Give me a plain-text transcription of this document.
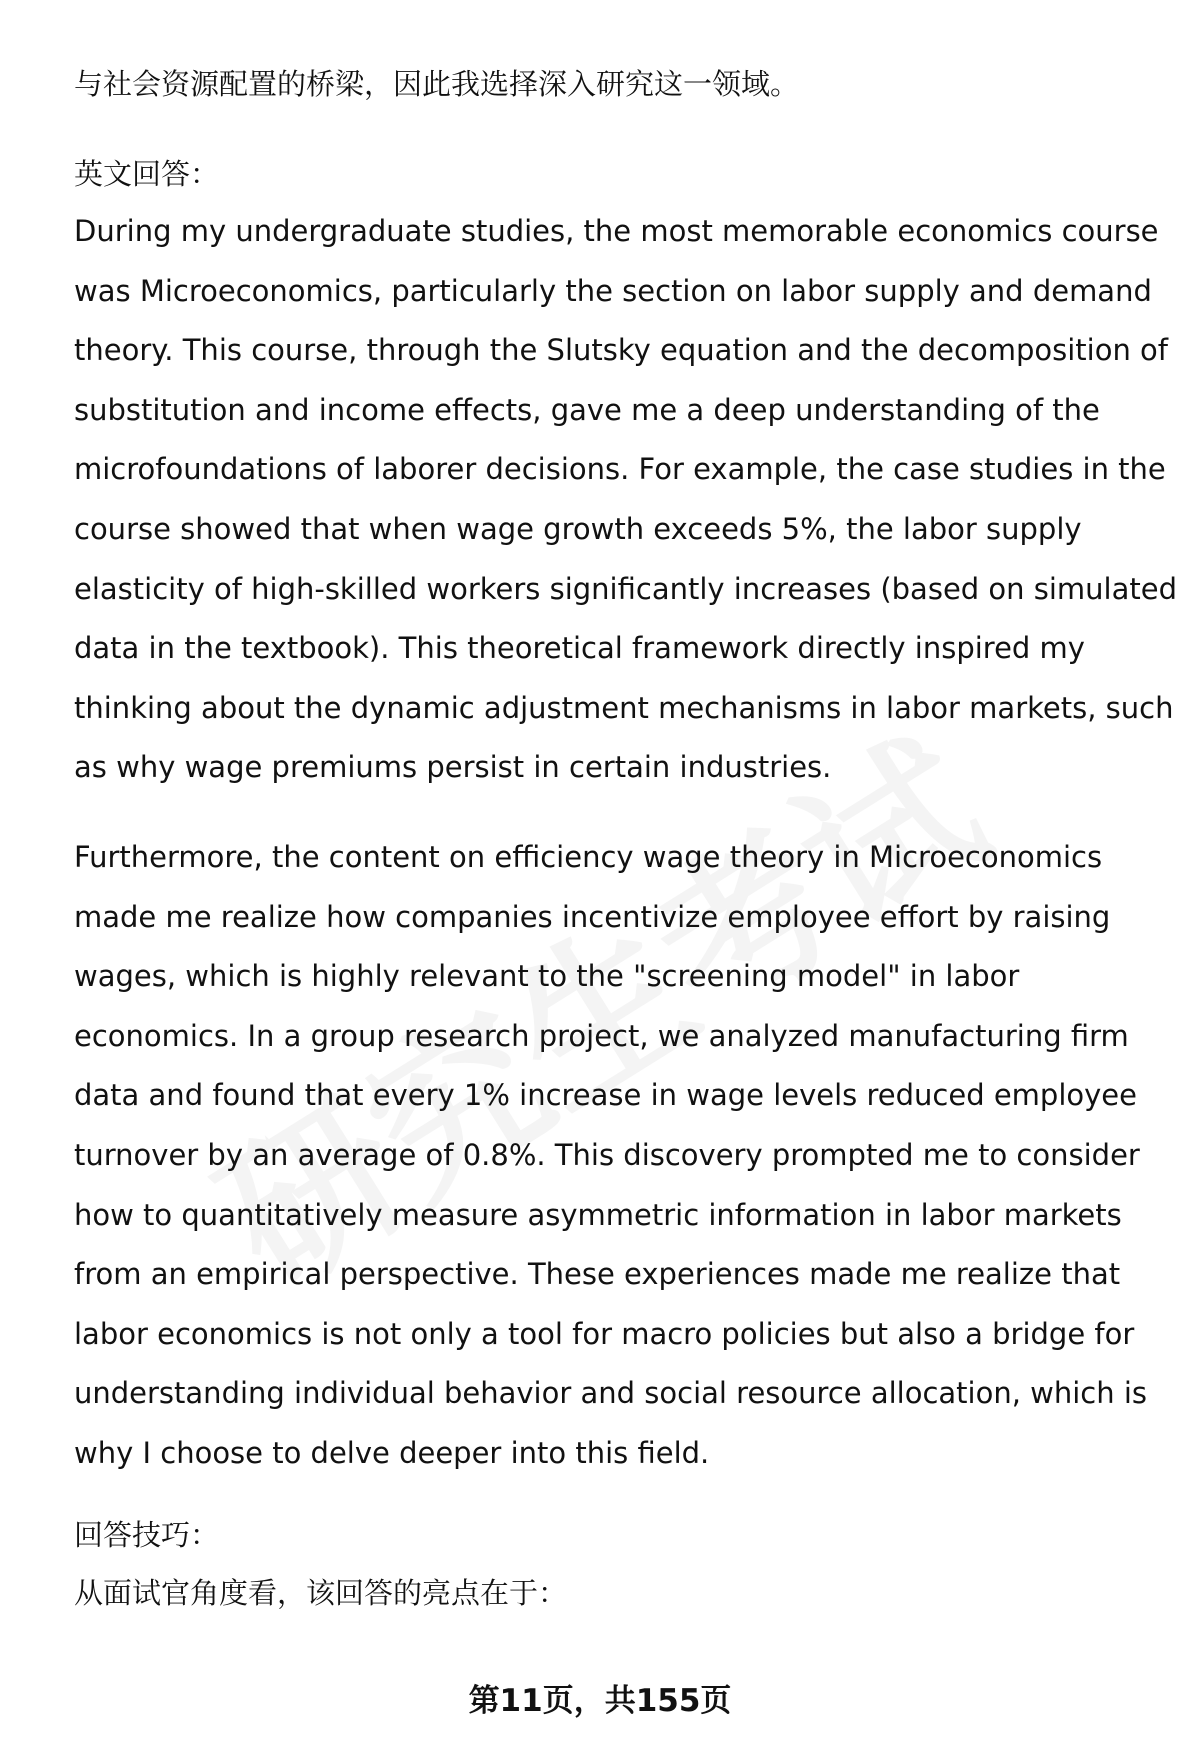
与社会资源配置的桥梁，因此我选择深入研究这一领域。

英文回答：

During my undergraduate studies, the most memorable economics course

was Microeconomics, particularly the section on labor supply and demand

theory. This course, through the Slutsky equation and the decomposition of

substitution and income effects, gave me a deep understanding of the

microfoundations of laborer decisions. For example, the case studies in the

course showed that when wage growth exceeds 5%, the labor supply

elasticity of high-skilled workers significantly increases (based on simulated

data in the textbook). This theoretical framework directly inspired my

thinking about the dynamic adjustment mechanisms in labor markets, such

as why wage premiums persist in certain industries.

Furthermore, the content on efficiency wage theory in Microeconomics

made me realize how companies incentivize employee effort by raising

wages, which is highly relevant to the "screening model" in labor

economics. In a group research project, we analyzed manufacturing firm

data and found that every 1% increase in wage levels reduced employee

turnover by an average of 0.8%. This discovery prompted me to consider

how to quantitatively measure asymmetric information in labor markets

from an empirical perspective. These experiences made me realize that

labor economics is not only a tool for macro policies but also a bridge for

understanding individual behavior and social resource allocation, which is

why I choose to delve deeper into this field.

回答技巧：

从面试官角度看，该回答的亮点在于：

第11页，共155页
